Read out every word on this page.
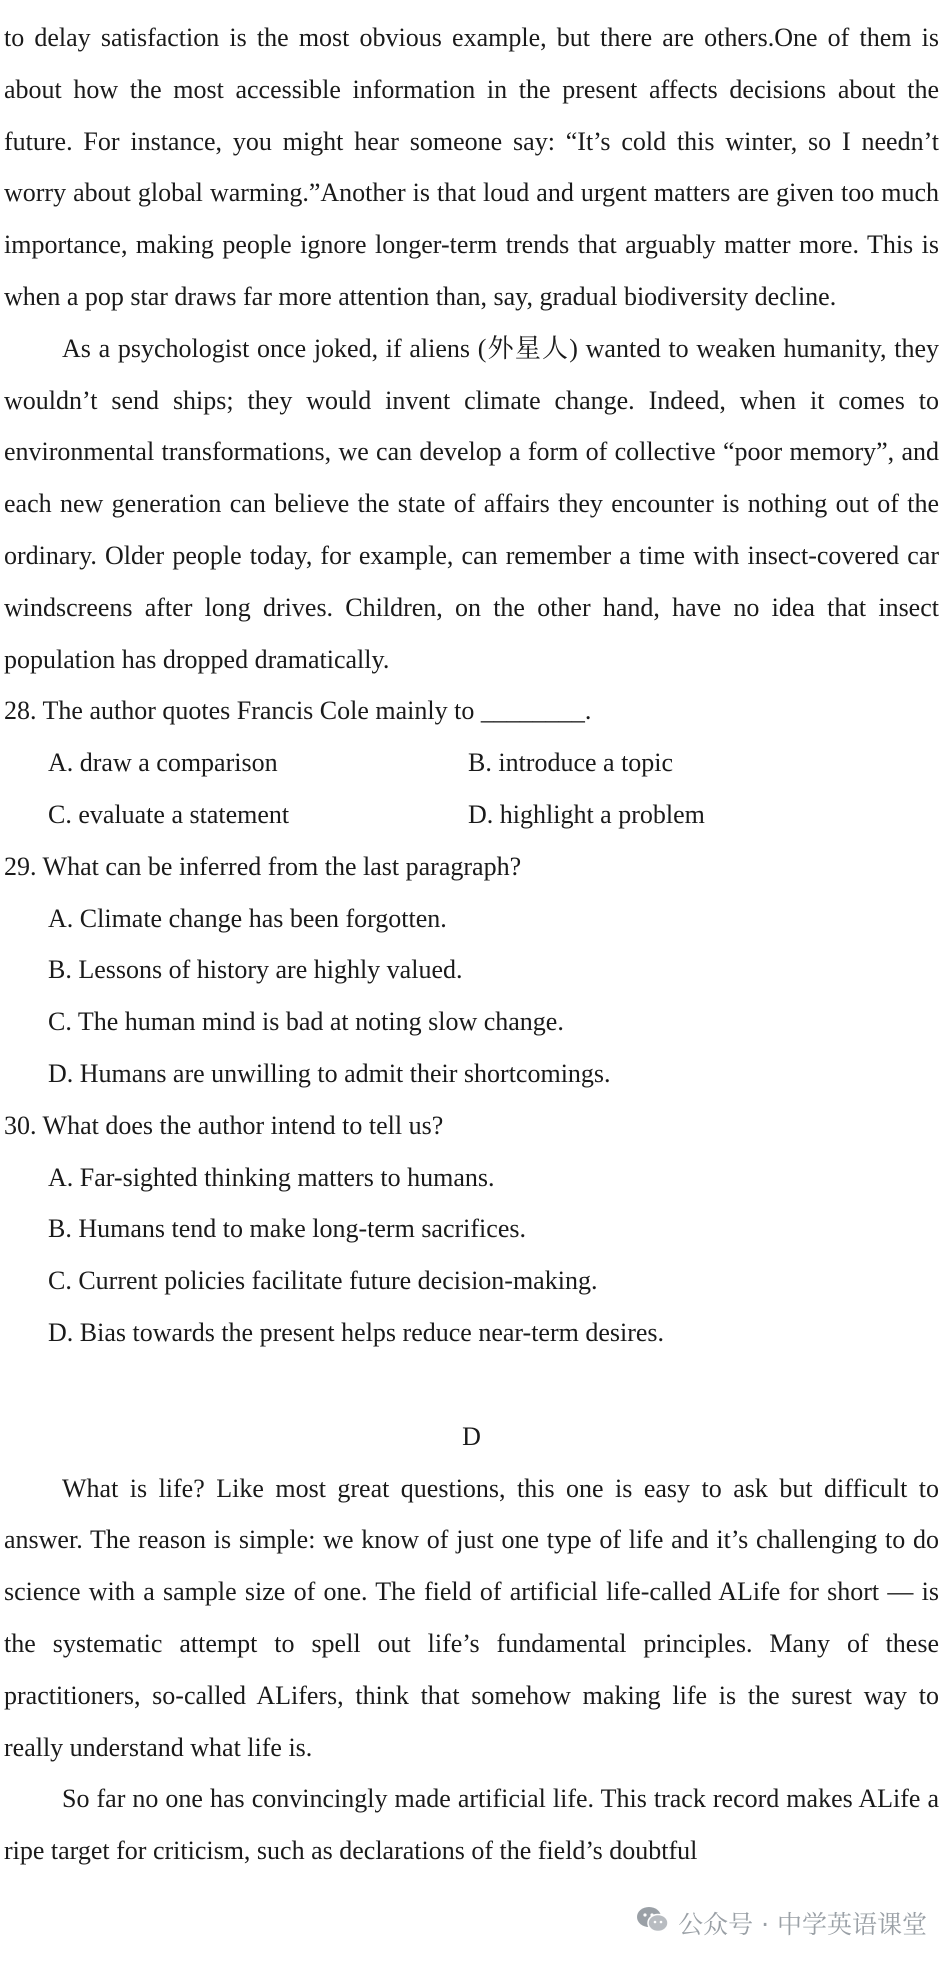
to delay satisfaction is the most obvious example, but there are others.One of them is about how the most accessible information in the present affects decisions about the future. For instance, you might hear someone say: “It’s cold this winter, so I needn’t worry about global warming.”Another is that loud and urgent matters are given too much importance, making people ignore longer-term trends that arguably matter more. This is when a pop star draws far more attention than, say, gradual biodiversity decline.

As a psychologist once joked, if aliens (外星人) wanted to weaken humanity, they wouldn’t send ships; they would invent climate change. Indeed, when it comes to environmental transformations, we can develop a form of collective “poor memory”, and each new generation can believe the state of affairs they encounter is nothing out of the ordinary. Older people today, for example, can remember a time with insect-covered car windscreens after long drives. Children, on the other hand, have no idea that insect population has dropped dramatically.

28. The author quotes Francis Cole mainly to ________.

A. draw a comparison	B. introduce a topic
C. evaluate a statement	D. highlight a problem

29. What can be inferred from the last paragraph?

A. Climate change has been forgotten.

B. Lessons of history are highly valued.

C. The human mind is bad at noting slow change.

D. Humans are unwilling to admit their shortcomings.

30. What does the author intend to tell us?

A. Far-sighted thinking matters to humans.

B. Humans tend to make long-term sacrifices.

C. Current policies facilitate future decision-making.

D. Bias towards the present helps reduce near-term desires.

D

What is life? Like most great questions, this one is easy to ask but difficult to answer. The reason is simple: we know of just one type of life and it’s challenging to do science with a sample size of one. The field of artificial life-called ALife for short — is the systematic attempt to spell out life’s fundamental principles. Many of these practitioners, so-called ALifers, think that somehow making life is the surest way to really understand what life is.

So far no one has convincingly made artificial life. This track record makes ALife a ripe target for criticism, such as declarations of the field’s doubtful

公众号 · 中学英语课堂
